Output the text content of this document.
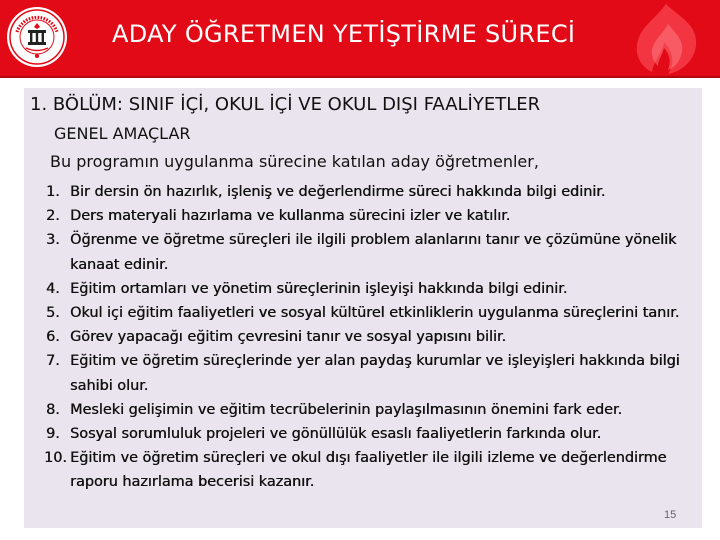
ADAY ÖĞRETMEN YETİŞTİRME SÜRECİ
1. BÖLÜM: SINIF İÇİ, OKUL İÇİ VE OKUL DIŞI FAALİYETLER
GENEL AMAÇLAR
Bu programın uygulanma sürecine katılan aday öğretmenler,
1. Bir dersin ön hazırlık, işleniş ve değerlendirme süreci hakkında bilgi edinir.
2. Ders materyali hazırlama ve kullanma sürecini izler ve katılır.
3. Öğrenme ve öğretme süreçleri ile ilgili problem alanlarını tanır ve çözümüne yönelik kanaat edinir.
4. Eğitim ortamları ve yönetim süreçlerinin işleyişi hakkında bilgi edinir.
5. Okul içi eğitim faaliyetleri ve sosyal kültürel etkinliklerin uygulanma süreçlerini tanır.
6. Görev yapacağı eğitim çevresini tanır ve sosyal yapısını bilir.
7. Eğitim ve öğretim süreçlerinde yer alan paydaş kurumlar ve işleyişleri hakkında bilgi sahibi olur.
8. Mesleki gelişimin ve eğitim tecrübelerinin paylaşılmasının önemini fark eder.
9. Sosyal sorumluluk projeleri ve gönüllülük esaslı faaliyetlerin farkında olur.
10. Eğitim ve öğretim süreçleri ve okul dışı faaliyetler ile ilgili izleme ve değerlendirme raporu hazırlama becerisi kazanır.
15
